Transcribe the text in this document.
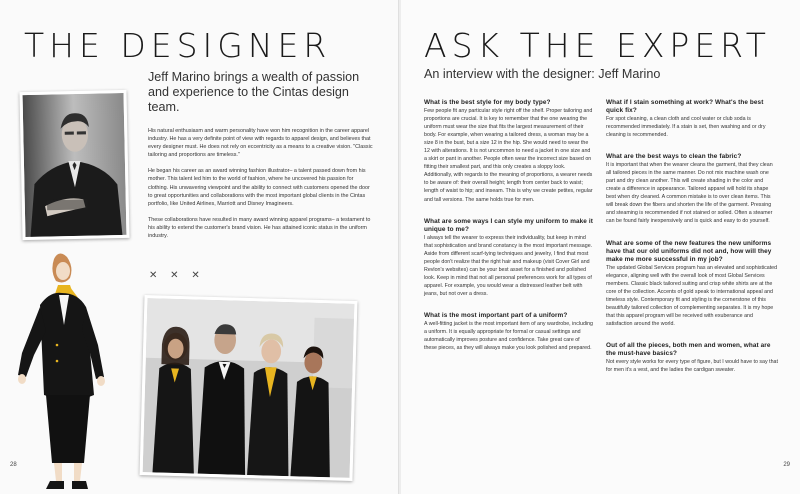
THE DESIGNER
Jeff Marino brings a wealth of passion and experience to the Cintas design team.

His natural enthusiasm and warm personality have won him recognition in the career apparel industry. He has a very definite point of view with regards to apparel design, and believes that every designer must. He does not rely on eccentricity as a means to a creative vision. "Classic tailoring and proportions are timeless."

He began his career as an award winning fashion illustrator– a talent passed down from his mother. This talent led him to the world of fashion, where he uncovered his passion for clothing. His unwavering viewpoint and the ability to connect with customers opened the door to great opportunities and collaborations with the most important global clients in the Cintas portfolio, like United Airlines, Marriott and Disney Imagineers.

These collaborations have resulted in many award winning apparel programs– a testament to his ability to extend the customer's brand vision. He has attained iconic status in the uniform industry.

✕ ✕ ✕
28
ASK THE EXPERT
An interview with the designer: Jeff Marino
What is the best style for my body type?
Few people fit any particular style right off the shelf. Proper tailoring and proportions are crucial. It is key to remember that the one wearing the uniform must wear the size that fits the largest measurement of their body. For example, when wearing a tailored dress, a woman may be a size 8 in the bust, but a size 12 in the hip. She would need to wear the 12 with alterations. It is not uncommon to need a jacket in one size and a skirt or pant in another. People often wear the incorrect size based on fitting their smallest part, and this only creates a sloppy look. Additionally, with regards to the meaning of proportions, a wearer needs to be aware of: their overall height; length from center back to waist; length of waist to hip; and inseam. This is why we create petites, regular and tall versions. The same holds true for men.
What are some ways I can style my uniform to make it unique to me?
I always tell the wearer to express their individuality, but keep in mind that sophistication and brand constancy is the most important message. Aside from different scarf-tying techniques and jewelry, I find that most people don't realize that the right hair and makeup (visit Cover Girl and Revlon's websites) can be your best asset for a finished and polished look. Keep in mind that not all personal preferences work for all types of apparel. For example, you would wear a distressed leather belt with jeans, but not over a dress.
What is the most important part of a uniform?
A well-fitting jacket is the most important item of any wardrobe, including a uniform. It is equally appropriate for formal or casual settings and automatically improves posture and confidence. Take great care of these pieces, as they will always make you look polished and prepared.
What if I stain something at work? What's the best quick fix?
For spot cleaning, a clean cloth and cool water or club soda is recommended immediately. If a stain is set, then washing and or dry cleaning is recommended.
What are the best ways to clean the fabric?
It is important that when the wearer cleans the garment, that they clean all tailored pieces in the same manner. Do not mix machine wash one part and dry clean another. This will create shading in the color and create a difference in appearance. Tailored apparel will hold its shape best when dry cleaned. A common mistake is to over clean items. This will break down the fibers and shorten the life of the garment. Pressing and steaming is recommended if not stained or soiled. Often a steamer can be found fairly inexpensively and is quick and easy to do yourself.
What are some of the new features the new uniforms have that our old uniforms did not and, how will they make me more successful in my job?
The updated Global Services program has an elevated and sophisticated elegance, aligning well with the overall look of most Global Services members. Classic black tailored suiting and crisp white shirts are at the core of the collection. Accents of gold speak to international appeal and timeless style. Contemporary fit and styling is the cornerstone of this beautifully tailored collection of complementing separates. It is my hope that this apparel program will be received with exuberance and satisfaction around the world.
Out of all the pieces, both men and women, what are the must-have basics?
Not every style works for every type of figure, but I would have to say that for men it's a vest, and the ladies the cardigan sweater.
29
